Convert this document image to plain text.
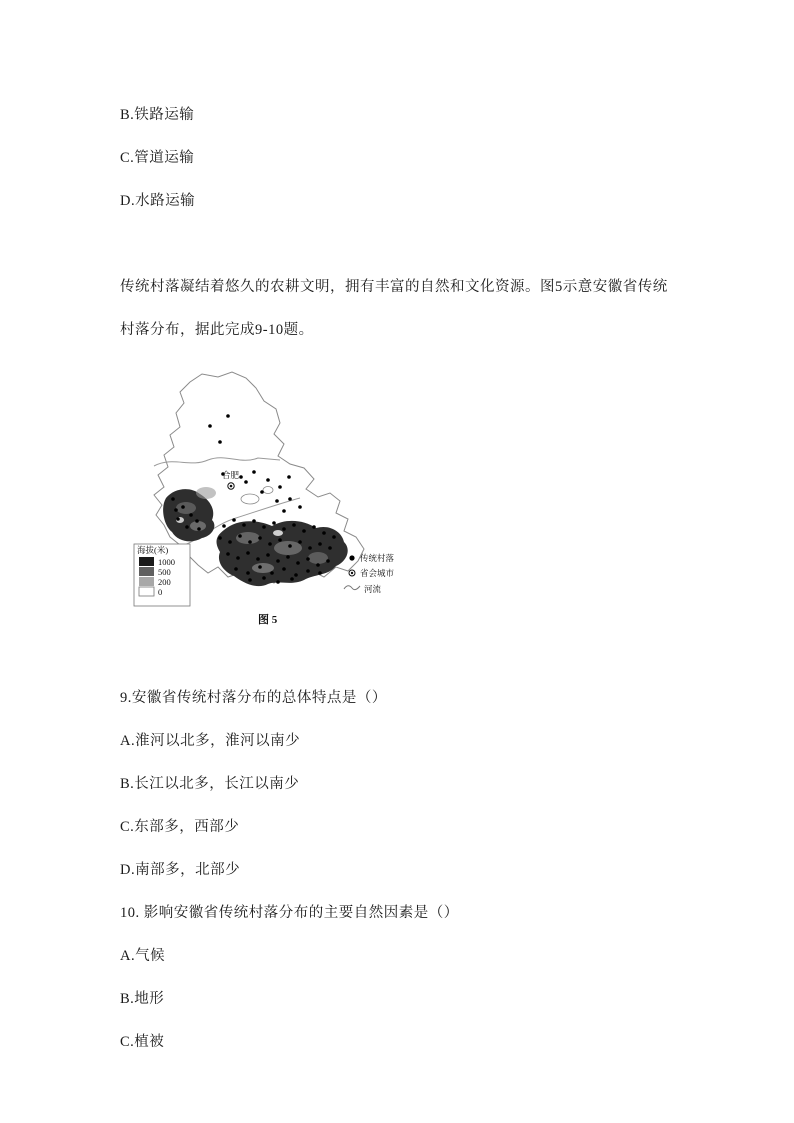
B.铁路运输

C.管道运输

D.水路运输

传统村落凝结着悠久的农耕文明，拥有丰富的自然和文化资源。图5示意安徽省传统村落分布，据此完成9-10题。

合肥
海拔(米)
1000
500
200
0
传统村落
省会城市
河流
图 5

9.安徽省传统村落分布的总体特点是（）

A.淮河以北多，淮河以南少

B.长江以北多，长江以南少

C.东部多，西部少

D.南部多，北部少

10. 影响安徽省传统村落分布的主要自然因素是（）

A.气候

B.地形

C.植被
